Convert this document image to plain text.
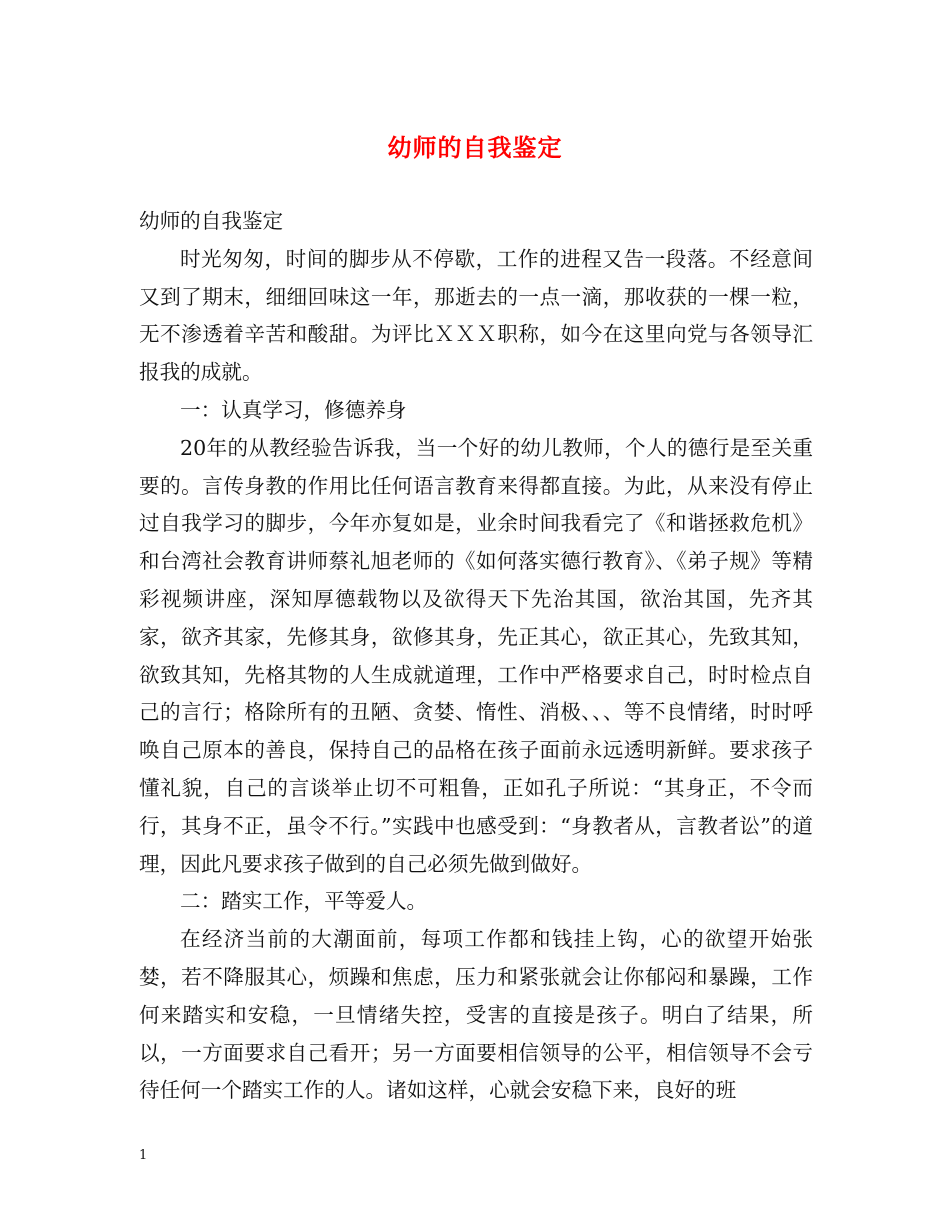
幼师的自我鉴定

幼师的自我鉴定

时光匆匆，时间的脚步从不停歇，工作的进程又告一段落。不经意间又到了期末，细细回味这一年，那逝去的一点一滴，那收获的一棵一粒，无不渗透着辛苦和酸甜。为评比ＸＸＸ职称，如今在这里向党与各领导汇报我的成就。

一：认真学习，修德养身

20年的从教经验告诉我，当一个好的幼儿教师，个人的德行是至关重要的。言传身教的作用比任何语言教育来得都直接。为此，从来没有停止过自我学习的脚步，今年亦复如是，业余时间我看完了《和谐拯救危机》和台湾社会教育讲师蔡礼旭老师的《如何落实德行教育》、《弟子规》等精彩视频讲座，深知厚德载物以及欲得天下先治其国，欲治其国，先齐其家，欲齐其家，先修其身，欲修其身，先正其心，欲正其心，先致其知，欲致其知，先格其物的人生成就道理，工作中严格要求自己，时时检点自己的言行；格除所有的丑陋、贪婪、惰性、消极、、、等不良情绪，时时呼唤自己原本的善良，保持自己的品格在孩子面前永远透明新鲜。要求孩子懂礼貌，自己的言谈举止切不可粗鲁，正如孔子所说：“其身正，不令而行，其身不正，虽令不行。”实践中也感受到：“身教者从，言教者讼”的道理，因此凡要求孩子做到的自己必须先做到做好。

二：踏实工作，平等爱人。

在经济当前的大潮面前，每项工作都和钱挂上钩，心的欲望开始张婪，若不降服其心，烦躁和焦虑，压力和紧张就会让你郁闷和暴躁，工作何来踏实和安稳，一旦情绪失控，受害的直接是孩子。明白了结果，所以，一方面要求自己看开；另一方面要相信领导的公平，相信领导不会亏待任何一个踏实工作的人。诸如这样，心就会安稳下来，良好的班

1
